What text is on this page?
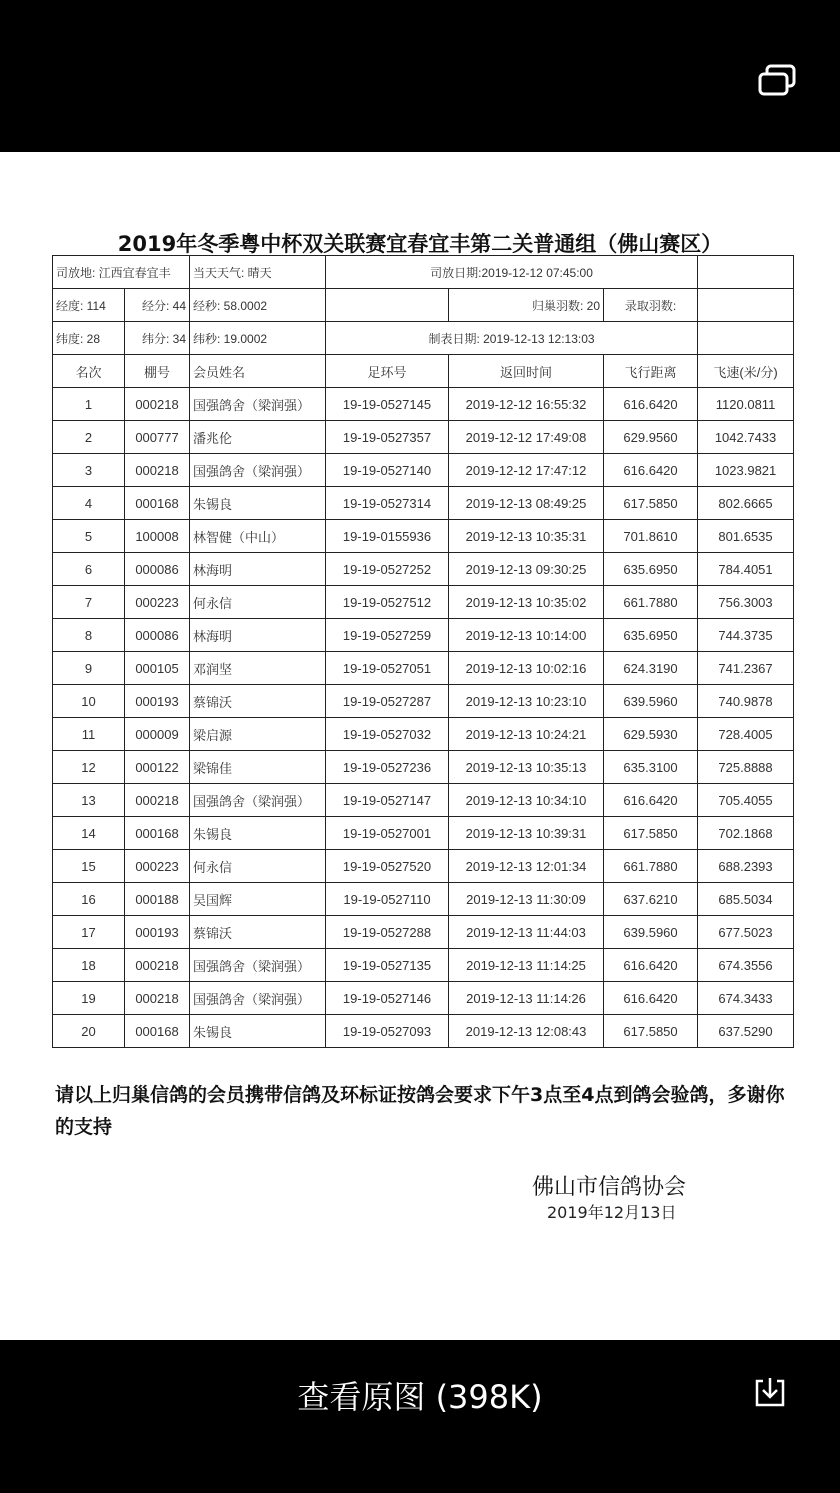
2019年冬季粤中杯双关联赛宜春宜丰第二关普通组（佛山赛区）
司放地: 江西宜春宜丰		当天天气: 晴天	司放日期:2019-12-12 07:45:00			
经度: 114	经分: 44	经秒: 58.0002		归巢羽数: 20	录取羽数:	
纬度: 28	纬分: 34	纬秒: 19.0002	制表日期: 2019-12-13 12:13:03			
名次	棚号	会员姓名	足环号	返回时间	飞行距离	飞速(米/分)
1	000218	国强鸽舍（梁润强）	19-19-0527145	2019-12-12 16:55:32	616.6420	1120.0811
2	000777	潘兆伦	19-19-0527357	2019-12-12 17:49:08	629.9560	1042.7433
3	000218	国强鸽舍（梁润强）	19-19-0527140	2019-12-12 17:47:12	616.6420	1023.9821
4	000168	朱锡良	19-19-0527314	2019-12-13 08:49:25	617.5850	802.6665
5	100008	林智健（中山）	19-19-0155936	2019-12-13 10:35:31	701.8610	801.6535
6	000086	林海明	19-19-0527252	2019-12-13 09:30:25	635.6950	784.4051
7	000223	何永信	19-19-0527512	2019-12-13 10:35:02	661.7880	756.3003
8	000086	林海明	19-19-0527259	2019-12-13 10:14:00	635.6950	744.3735
9	000105	邓润坚	19-19-0527051	2019-12-13 10:02:16	624.3190	741.2367
10	000193	蔡锦沃	19-19-0527287	2019-12-13 10:23:10	639.5960	740.9878
11	000009	梁启源	19-19-0527032	2019-12-13 10:24:21	629.5930	728.4005
12	000122	梁锦佳	19-19-0527236	2019-12-13 10:35:13	635.3100	725.8888
13	000218	国强鸽舍（梁润强）	19-19-0527147	2019-12-13 10:34:10	616.6420	705.4055
14	000168	朱锡良	19-19-0527001	2019-12-13 10:39:31	617.5850	702.1868
15	000223	何永信	19-19-0527520	2019-12-13 12:01:34	661.7880	688.2393
16	000188	吴国辉	19-19-0527110	2019-12-13 11:30:09	637.6210	685.5034
17	000193	蔡锦沃	19-19-0527288	2019-12-13 11:44:03	639.5960	677.5023
18	000218	国强鸽舍（梁润强）	19-19-0527135	2019-12-13 11:14:25	616.6420	674.3556
19	000218	国强鸽舍（梁润强）	19-19-0527146	2019-12-13 11:14:26	616.6420	674.3433
20	000168	朱锡良	19-19-0527093	2019-12-13 12:08:43	617.5850	637.5290
请以上归巢信鸽的会员携带信鸽及环标证按鸽会要求下午3点至4点到鸽会验鸽，多谢你的支持
佛山市信鸽协会
2019年12月13日
查看原图 (398K)
